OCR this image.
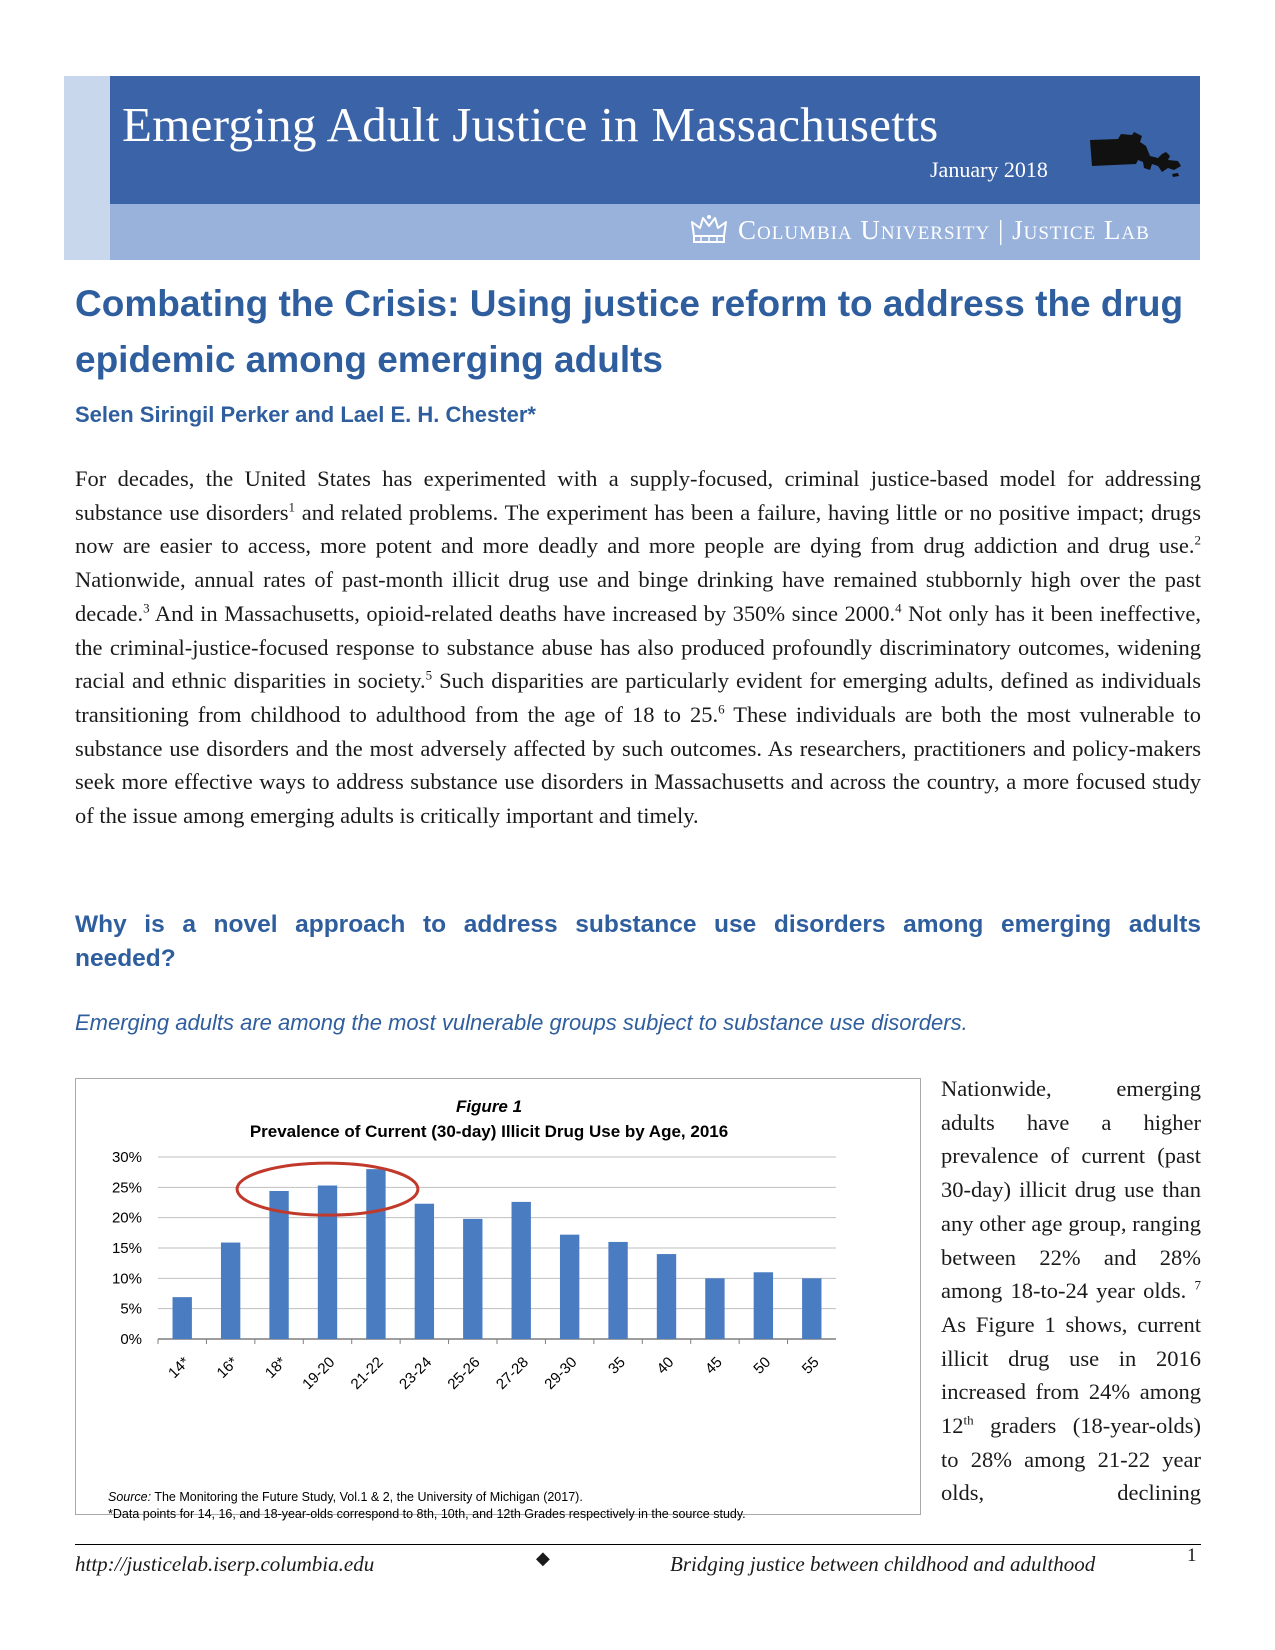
Emerging Adult Justice in Massachusetts
January 2018
Columbia University | Justice Lab
Combating the Crisis: Using justice reform to address the drug epidemic among emerging adults
Selen Siringil Perker and Lael E. H. Chester*

For decades, the United States has experimented with a supply-focused, criminal justice-based model for addressing substance use disorders$^1$ and related problems. The experiment has been a failure, having little or no positive impact; drugs now are easier to access, more potent and more deadly and more people are dying from drug addiction and drug use.$^2$ Nationwide, annual rates of past-month illicit drug use and binge drinking have remained stubbornly high over the past decade.$^3$ And in Massachusetts, opioid-related deaths have increased by 350% since 2000.$^4$ Not only has it been ineffective, the criminal-justice-focused response to substance abuse has also produced profoundly discriminatory outcomes, widening racial and ethnic disparities in society.$^5$ Such disparities are particularly evident for emerging adults, defined as individuals transitioning from childhood to adulthood from the age of 18 to 25.$^6$ These individuals are both the most vulnerable to substance use disorders and the most adversely affected by such outcomes. As researchers, practitioners and policy-makers seek more effective ways to address substance use disorders in Massachusetts and across the country, a more focused study of the issue among emerging adults is critically important and timely.

Why is a novel approach to address substance use disorders among emerging adults needed?
Emerging adults are among the most vulnerable groups subject to substance use disorders.
Figure 1
Prevalence of Current (30-day) Illicit Drug Use by Age, 2016
0%
5%
10%
15%
20%
25%
30%
14* 16* 18* 19-20 21-22 23-24 25-26 27-28 29-30 35 40 45 50 55
Source: The Monitoring the Future Study, Vol.1 & 2, the University of Michigan (2017).
*Data points for 14, 16, and 18-year-olds correspond to 8th, 10th, and 12th Grades respectively in the source study.

Nationwide, emerging adults have a higher prevalence of current (past 30-day) illicit drug use than any other age group, ranging between 22% and 28% among 18-to-24 year olds. $^7$ As Figure 1 shows, current illicit drug use in 2016 increased from 24% among 12th graders (18-year-olds) to 28% among 21-22 year olds, declining

http://justicelab.iserp.columbia.edu	◆	Bridging justice between childhood and adulthood	1
